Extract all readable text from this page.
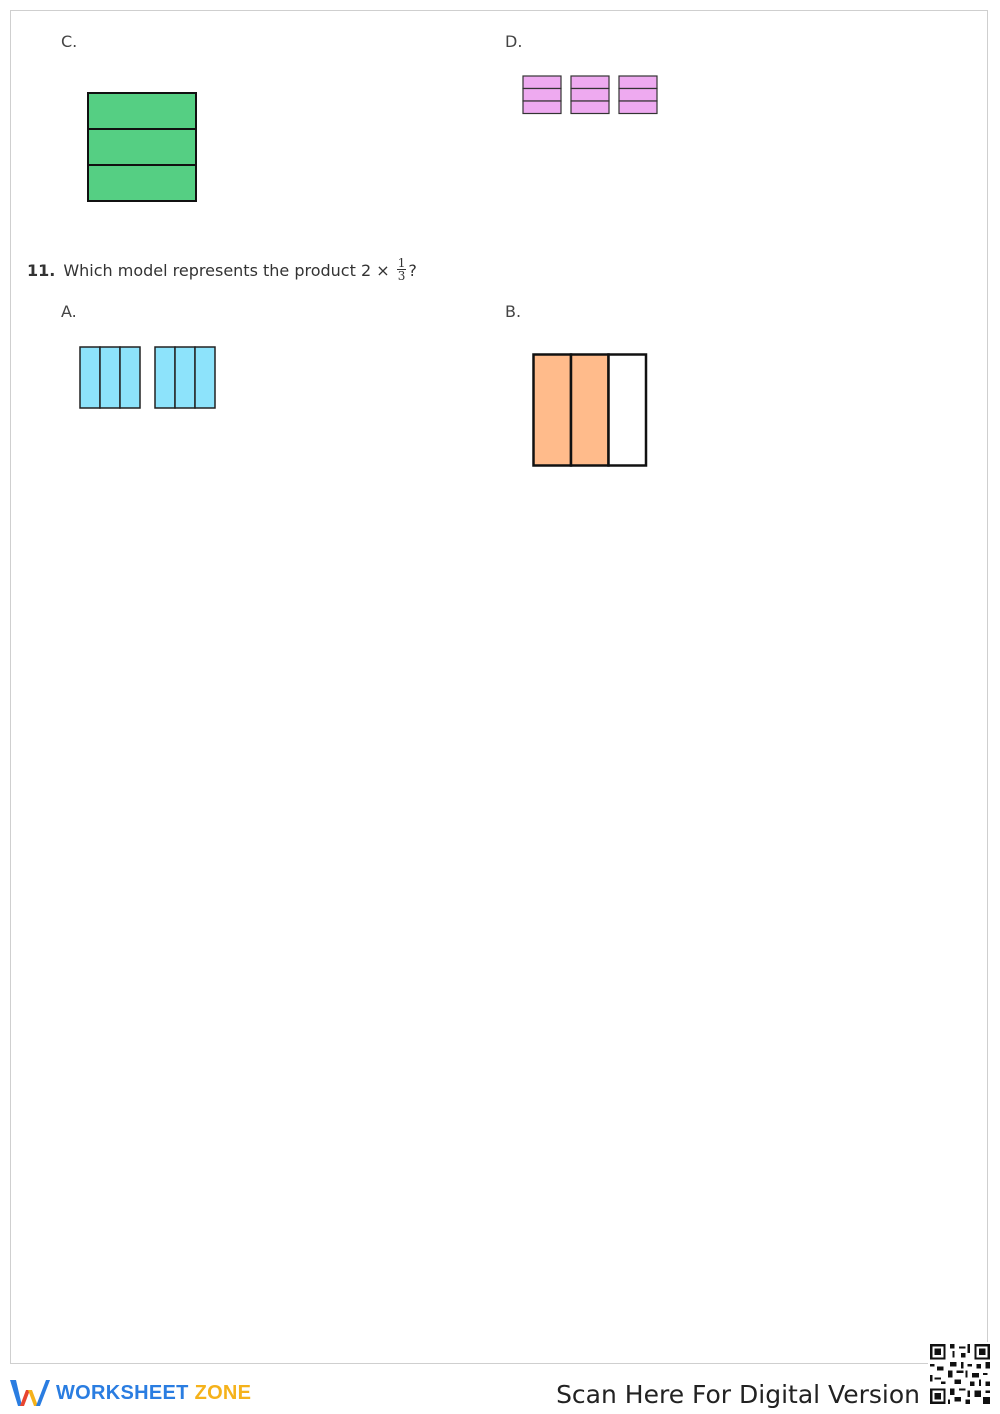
C.	D.
11. Which model represents the product $2 \times \frac{1}{3}$ ?
A.	B.
WORKSHEET ZONE	Scan Here For Digital Version
